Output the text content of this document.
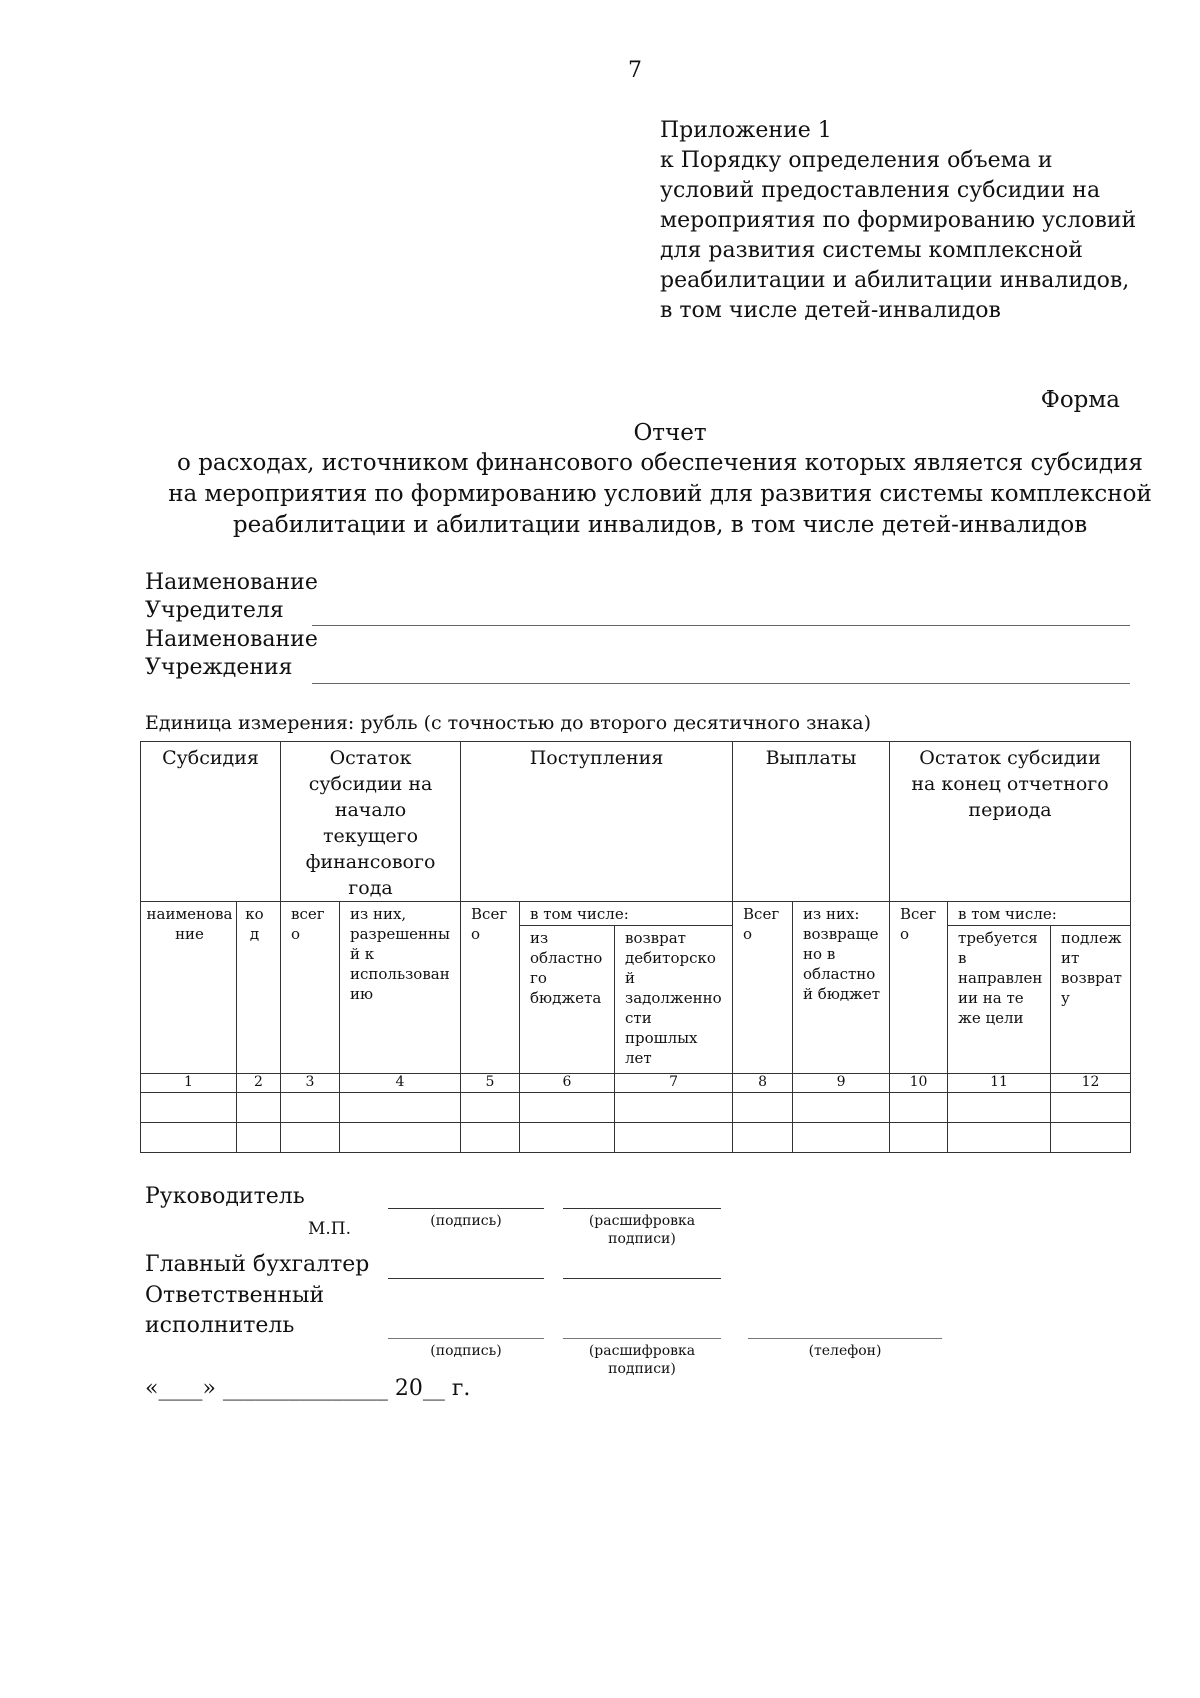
7
Приложение 1
к Порядку определения объема и
условий предоставления субсидии на
мероприятия по формированию условий
для развития системы комплексной
реабилитации и абилитации инвалидов,
в том числе детей-инвалидов
Форма
Отчет
о расходах, источником финансового обеспечения которых является субсидия
на мероприятия по формированию условий для развития системы комплексной
реабилитации и абилитации инвалидов, в том числе детей-инвалидов
Наименование
Учредителя
Наименование
Учреждения
Единица измерения: рубль (с точностью до второго десятичного знака)
Субсидия		Остаток субсидии на начало текущего финансового года		Поступления			Выплаты		Остаток субсидии на конец отчетного периода		
наименова ние	ко д	всег о	из них, разрешенны й к использован ию	Всег о	в том числе:		Всег о	из них: возвраще но в областно й бюджет	Всег о	в том числе:	
					из областно го бюджета	возврат дебиторско й задолженно сти прошлых лет				требуется в направлен ии на те же цели	подлеж ит возврат у
1	2	3	4	5	6	7	8	9	10	11	12

Руководитель
М.П.	(подпись)	(расшифровка
подписи)
Главный бухгалтер
Ответственный
исполнитель
(подпись)	(расшифровка
подписи)
(телефон)
«____» _______________ 20__ г.
